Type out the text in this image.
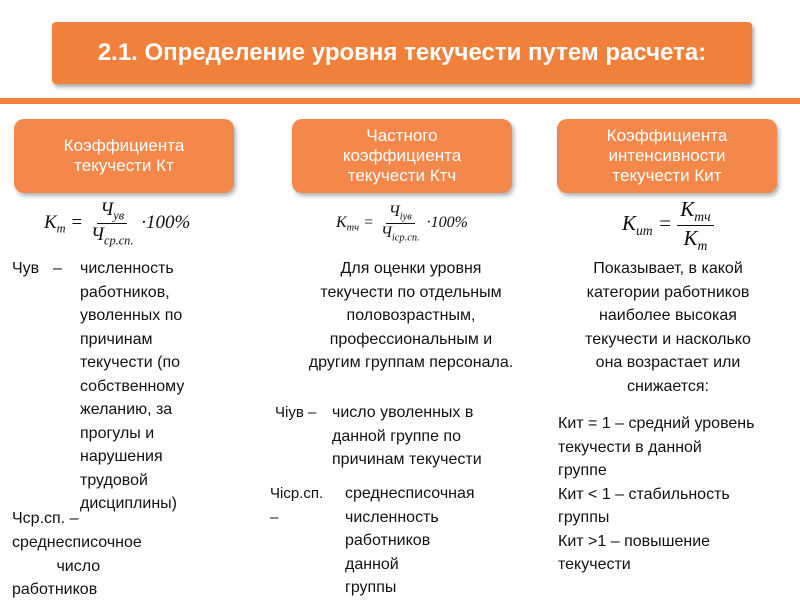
2.1. Определение уровня текучести путем расчета:
Коэффициента
текучести Кт
Частного
коэффициента
текучести Ктч
Коэффициента
интенсивности
текучести Кит
$К_т = \frac{Ч_{ув}}{Ч_{ср.сп.}} \cdot 100\%$	$К_{тч} = \frac{Ч_{iув}}{Ч_{iср.сп.}} \cdot 100\%$	$К_{ит} = \frac{К_{тч}}{К_т}$
Чув – численность
работников,
уволенных по
причинам
текучести (по
собственному
желанию, за
прогулы и
нарушения
трудовой
дисциплины)
Чср.сп. –
среднесписочное
число
работников
Для оценки уровня
текучести по отдельным
половозрастным,
профессиональным и
другим группам персонала.
Чiув – число уволенных в
данной группе по
причинам текучести
Чiср.сп.
–
среднесписочная
численность
работников
данной
группы
Показывает, в какой
категории работников
наиболее высокая
текучести и насколько
она возрастает или
снижается:
Кит = 1 – средний уровень
текучести в данной
группе
Кит < 1 – стабильность
группы
Кит >1 – повышение
текучести
